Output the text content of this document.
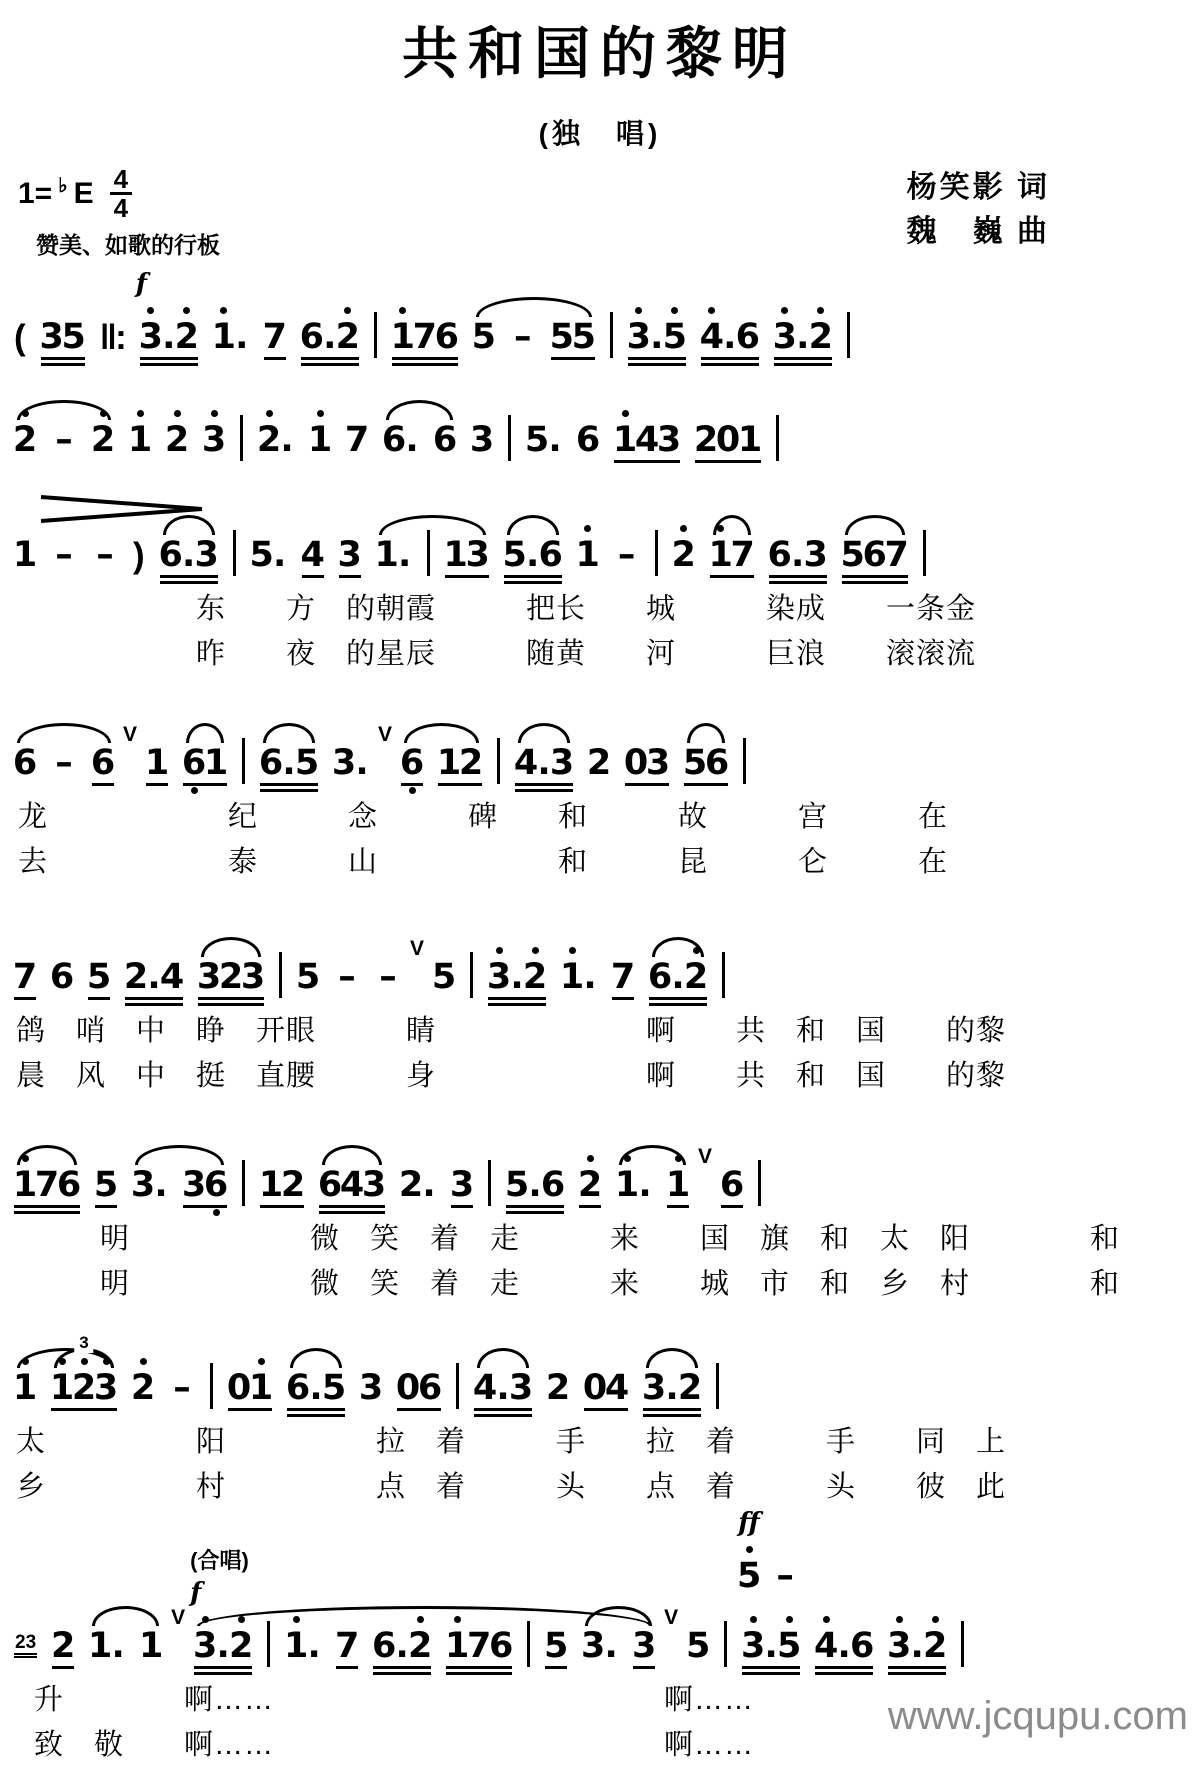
共和国的黎明
(独　唱)
1= ♭ E $\frac{4}{4}$
赞美、如歌的行板
杨笑影 词
魏　巍 曲
( 3
5 ‖: 3 . 2
f
1 . 7 6 . 2 1
7
6 5 – 5
5 3 . 5 4 . 6 3 . 2
2 – 2 1 2 3 2 . 1 7 6 . 6 3 5 . 6 1
4
3 2
0
1
1 – – ) 6 . 3 5 . 4 3 1 . 1
3 5 . 6 1 – 2 1
7 6 . 3 5
6
7
东　　方　的朝霞　　　把长　　城　　　染成　　一条金
昨　　夜　的星辰　　　随黄　　河　　　巨浪　　滚滚流
6 – 6
V
1 6
1 6 . 5 3 .
V
6 1
2 4 . 3 2 0
3 5
6
龙　　　　　　纪　　　念　　　碑　　和　　　故　　　宫　　　在
去　　　　　　泰　　　山　　　　　　和　　　昆　　　仑　　　在
7 6 5 2 . 4 3
2
3 5 – –
V
5 3 . 2 1 . 7 6 . 2
鸽　哨　中　睁　开眼　　　睛　　　　　　　啊　　共　和　国　　的黎
晨　风　中　挺　直腰　　　身　　　　　　　啊　　共　和　国　　的黎
1
7
6 5 3 . 3
6 1
2 6
4
3 2 . 3 5 . 6 2 1 . 1
V
6
明　　　　　　微　笑　着　走　　　来　　国　旗　和　太　阳　　　　和
明　　　　　　微　笑　着　走　　　来　　城　市　和　乡　村　　　　和
1 1
2
3
3 2 – 0
1 6 . 5 3 0
6 4 . 3 2 0
4 3 . 2
太　　　　　阳　　　　　拉　着　　　手　　拉　着　　　手　　同　上
乡　　　　　村　　　　　点　着　　　头　　点　着　　　头　　彼　此
23 2 1 . 1
V
3 . 2
(合唱)
f
1 . 7 6 . 2 1
7
6 5 3 . 3
V
5 3 . 5
ff
5 –
4 . 6 3 . 2
升　　　　啊……　　　　　　　　　　　　　啊……
致　敬　　啊……　　　　　　　　　　　　　啊……
www.jcqupu.com
